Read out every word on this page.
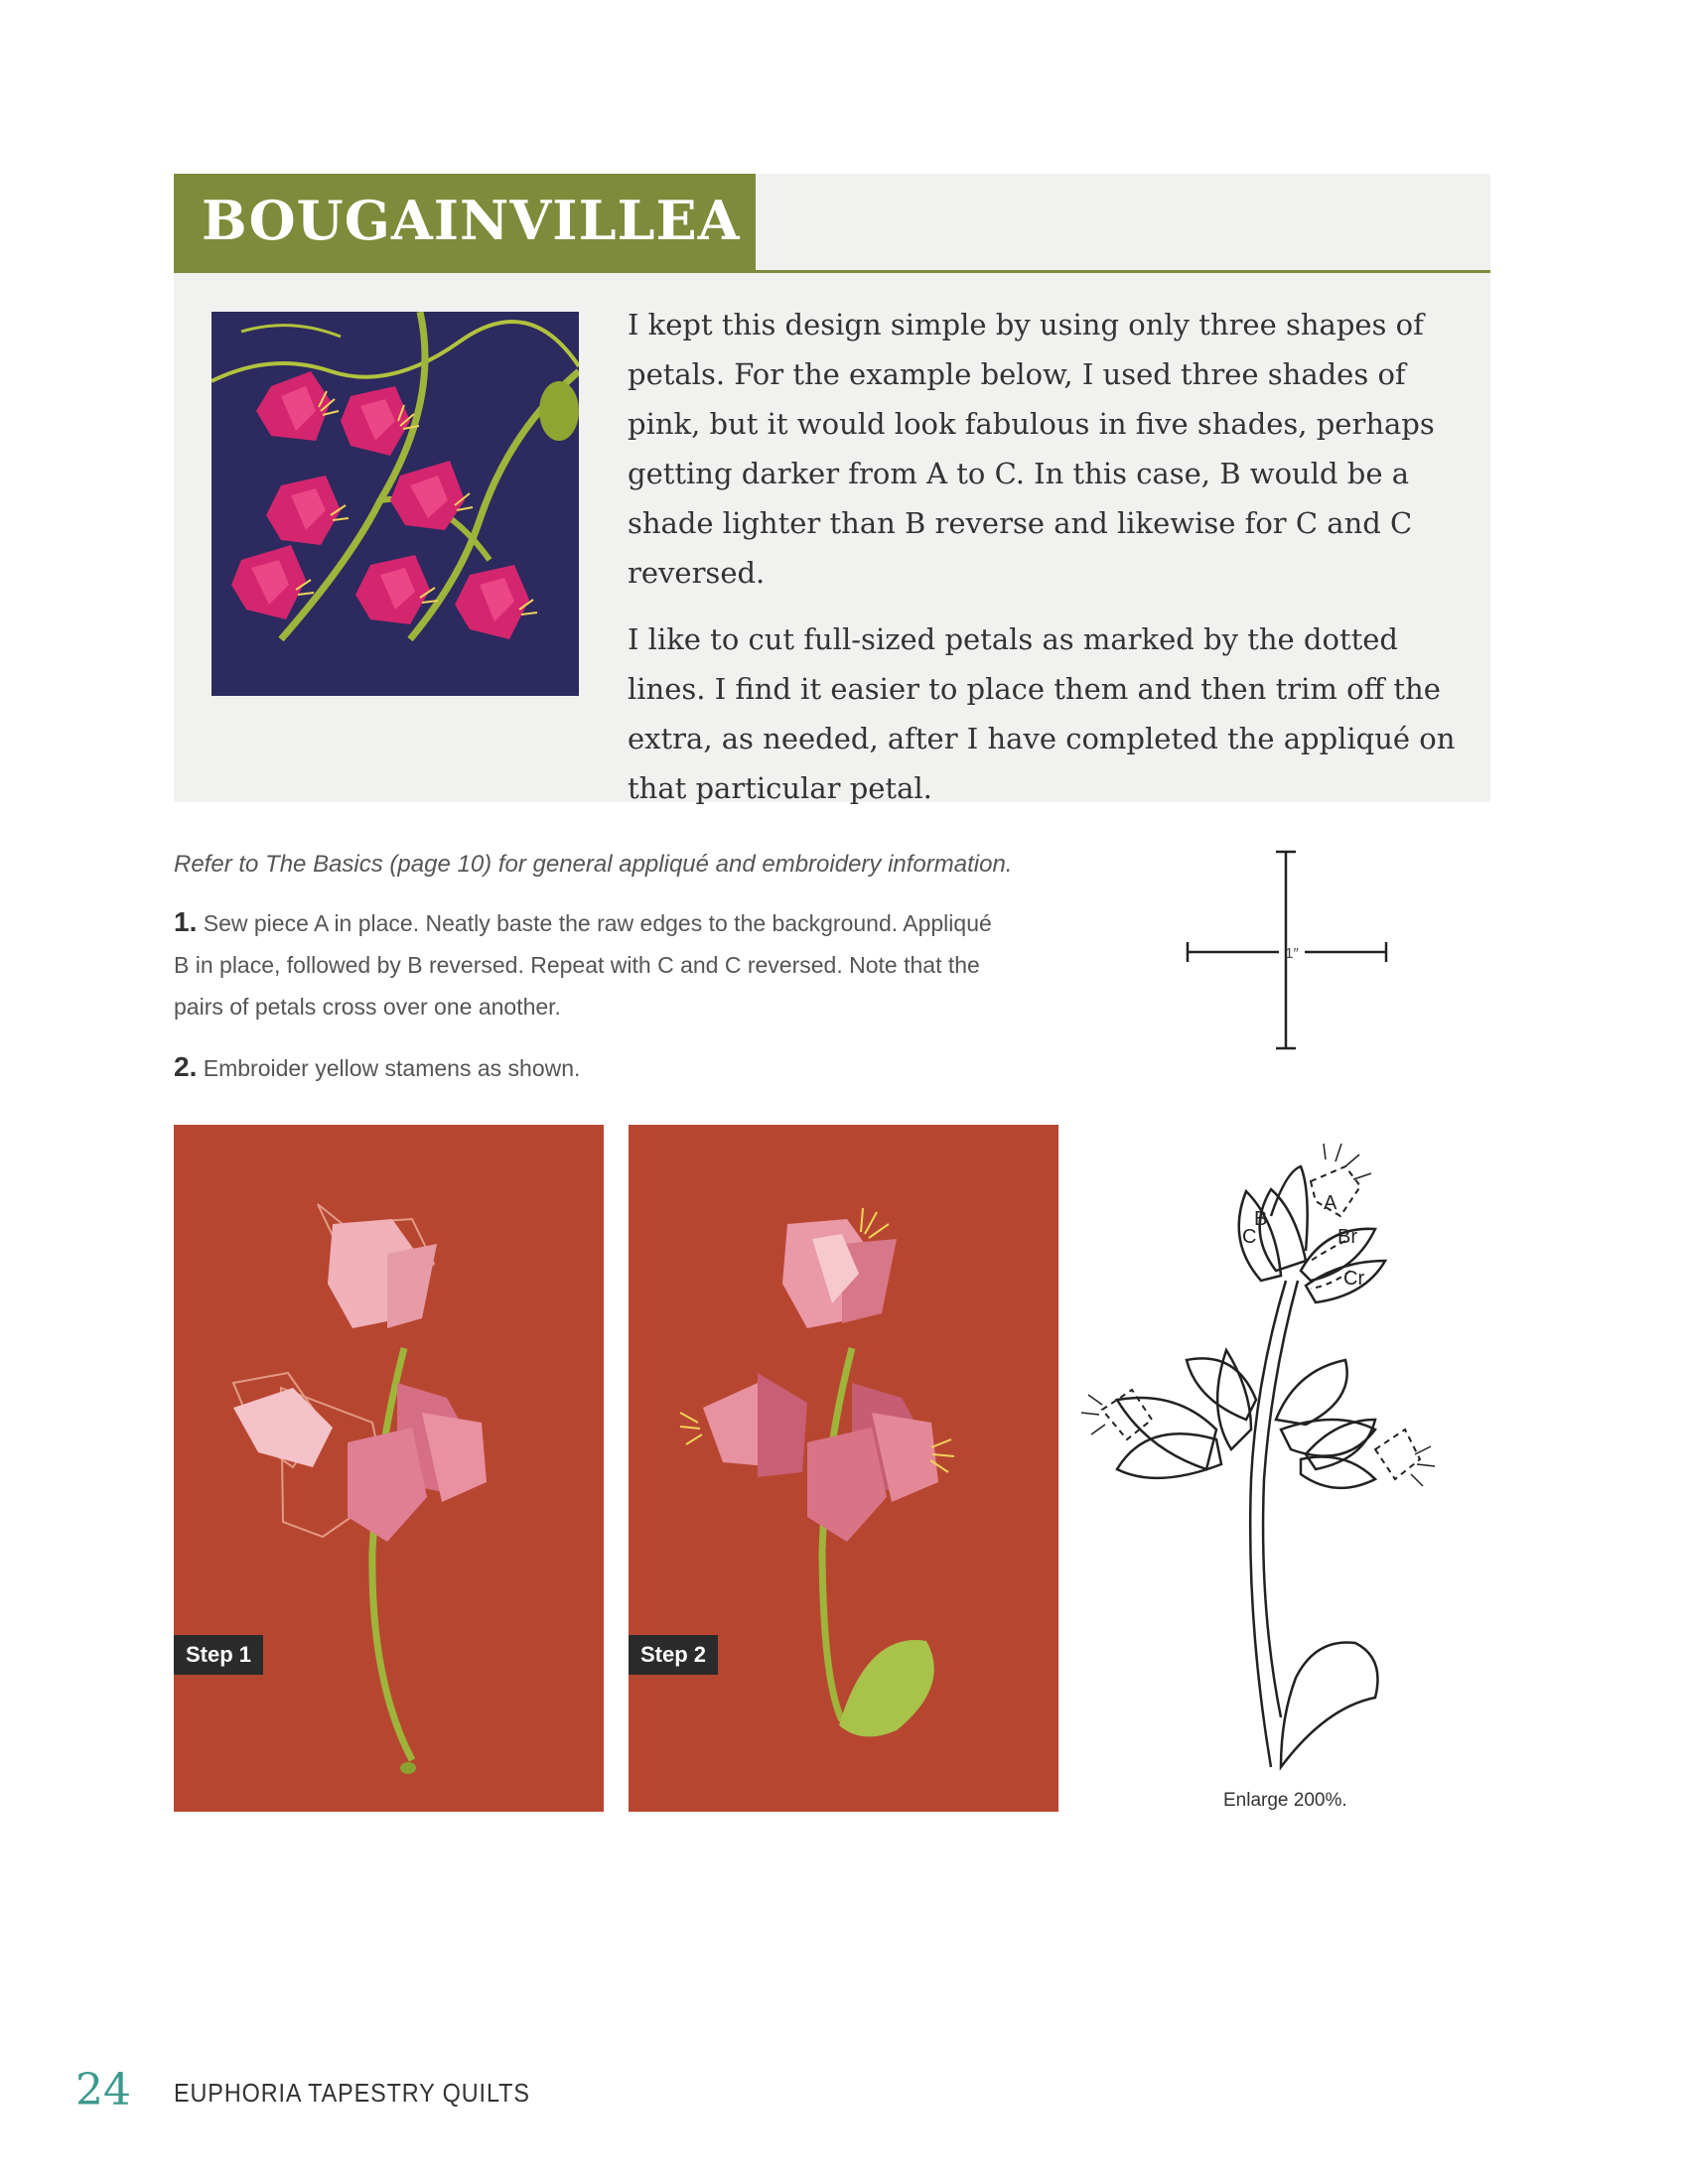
BOUGAINVILLEA

I kept this design simple by using only three shapes of petals. For the example below, I used three shades of pink, but it would look fabulous in five shades, perhaps getting darker from A to C. In this case, B would be a shade lighter than B reverse and likewise for C and C reversed.

I like to cut full-sized petals as marked by the dotted lines. I find it easier to place them and then trim off the extra, as needed, after I have completed the appliqué on that particular petal.

Refer to The Basics (page 10) for general appliqué and embroidery information.
1. Sew piece A in place. Neatly baste the raw edges to the background. Appliqué B in place, followed by B reversed. Repeat with C and C reversed. Note that the pairs of petals cross over one another.
2. Embroider yellow stamens as shown.
1″
Step 1	Step 2
B
C
A
Br
Cr
Enlarge 200%.
24 EUPHORIA TAPESTRY QUILTS
